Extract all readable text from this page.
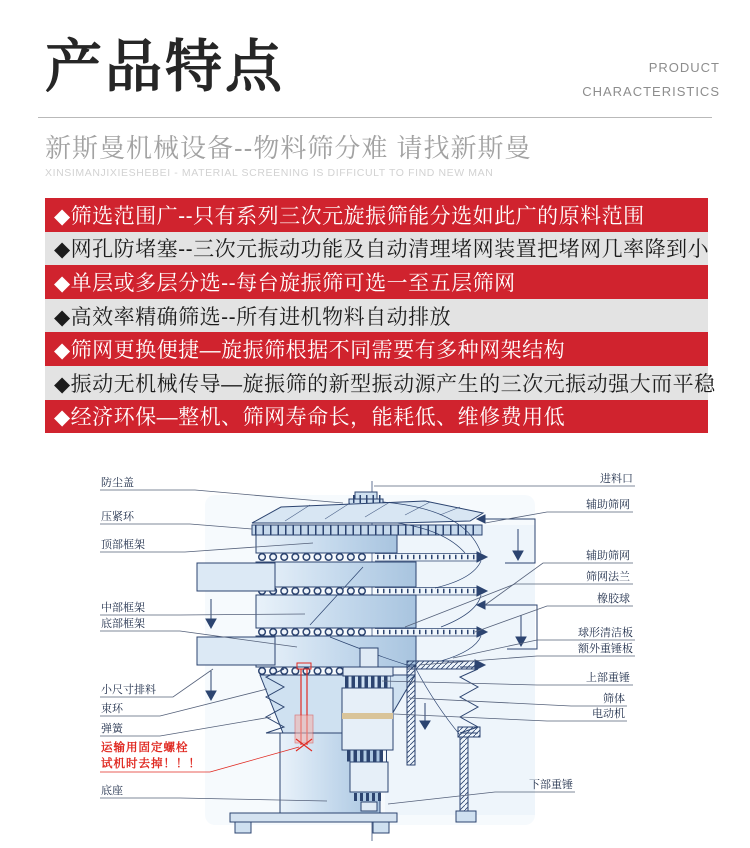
产品特点	PRODUCT
CHARACTERISTICS
新斯曼机械设备--物料筛分难 请找新斯曼
XINSIMANJIXIESHEBEI - MATERIAL SCREENING IS DIFFICULT TO FIND NEW MAN
◆筛选范围广--只有系列三次元旋振筛能分选如此广的原料范围
◆网孔防堵塞--三次元振动功能及自动清理堵网装置把堵网几率降到小
◆单层或多层分选--每台旋振筛可选一至五层筛网
◆高效率精确筛选--所有进机物料自动排放
◆筛网更换便捷—旋振筛根据不同需要有多种网架结构
◆振动无机械传导—旋振筛的新型振动源产生的三次元振动强大而平稳
◆经济环保—整机、筛网寿命长，能耗低、维修费用低
防尘盖
压紧环
顶部框架
中部框架
底部框架
小尺寸排料
束环
弹簧
运输用固定螺栓
试机时去掉！！！
底座
进料口
辅助筛网
辅助筛网
筛网法兰
橡胶球
球形清洁板
额外重锤板
上部重锤
筛体
电动机
下部重锤
